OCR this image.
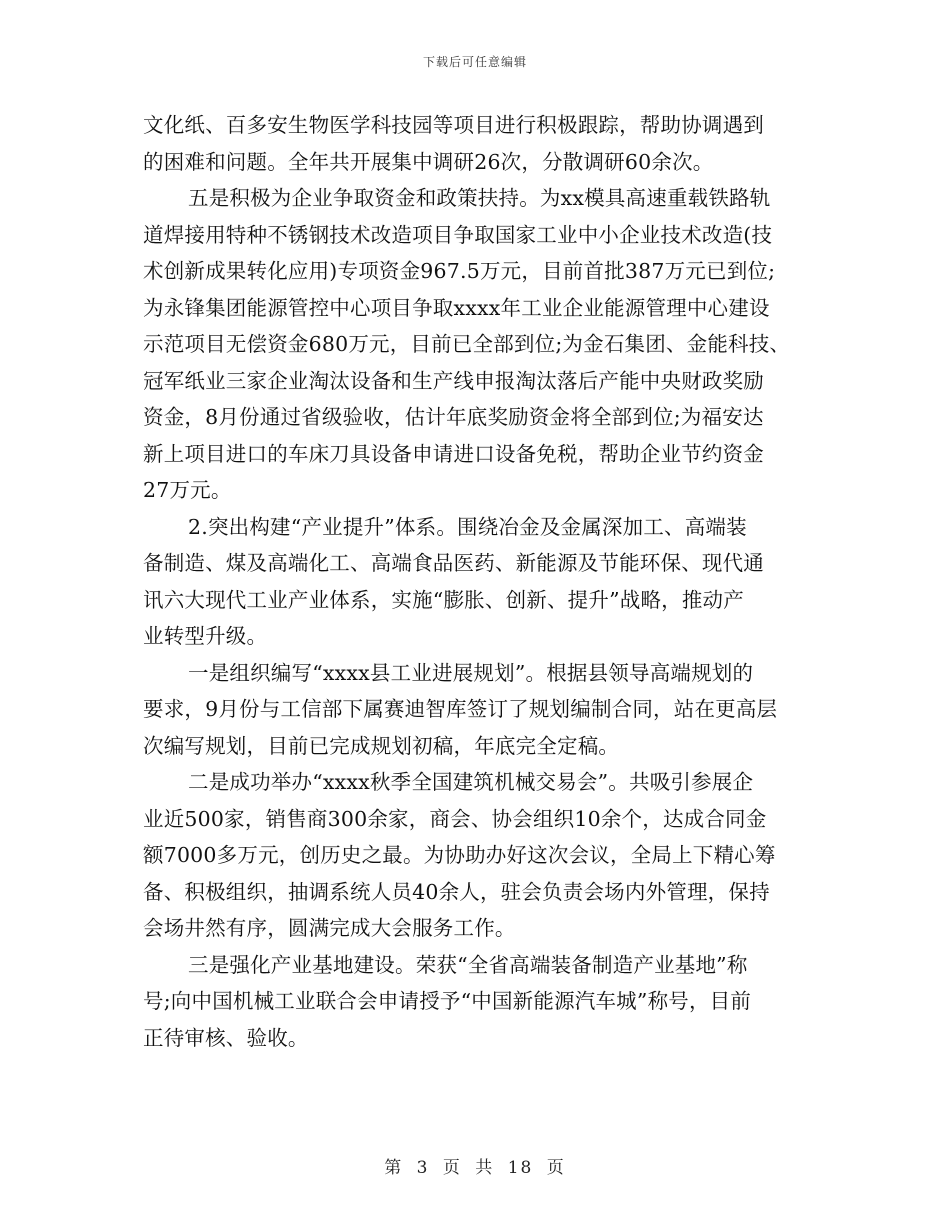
下载后可任意编辑
文化纸、百多安生物医学科技园等项目进行积极跟踪，帮助协调遇到
的困难和问题。全年共开展集中调研26次，分散调研60余次。
五是积极为企业争取资金和政策扶持。为xx模具高速重载铁路轨
道焊接用特种不锈钢技术改造项目争取国家工业中小企业技术改造(技
术创新成果转化应用)专项资金967.5万元，目前首批387万元已到位;
为永锋集团能源管控中心项目争取xxxx年工业企业能源管理中心建设
示范项目无偿资金680万元，目前已全部到位;为金石集团、金能科技、
冠军纸业三家企业淘汰设备和生产线申报淘汰落后产能中央财政奖励
资金，8月份通过省级验收，估计年底奖励资金将全部到位;为福安达
新上项目进口的车床刀具设备申请进口设备免税，帮助企业节约资金
27万元。
2.突出构建“产业提升”体系。围绕冶金及金属深加工、高端装
备制造、煤及高端化工、高端食品医药、新能源及节能环保、现代通
讯六大现代工业产业体系，实施“膨胀、创新、提升”战略，推动产
业转型升级。
一是组织编写“xxxx县工业进展规划”。根据县领导高端规划的
要求，9月份与工信部下属赛迪智库签订了规划编制合同，站在更高层
次编写规划，目前已完成规划初稿，年底完全定稿。
二是成功举办“xxxx秋季全国建筑机械交易会”。共吸引参展企
业近500家，销售商300余家，商会、协会组织10余个，达成合同金
额7000多万元，创历史之最。为协助办好这次会议，全局上下精心筹
备、积极组织，抽调系统人员40余人，驻会负责会场内外管理，保持
会场井然有序，圆满完成大会服务工作。
三是强化产业基地建设。荣获“全省高端装备制造产业基地”称
号;向中国机械工业联合会申请授予“中国新能源汽车城”称号，目前
正待审核、验收。
第 3 页 共 18 页
